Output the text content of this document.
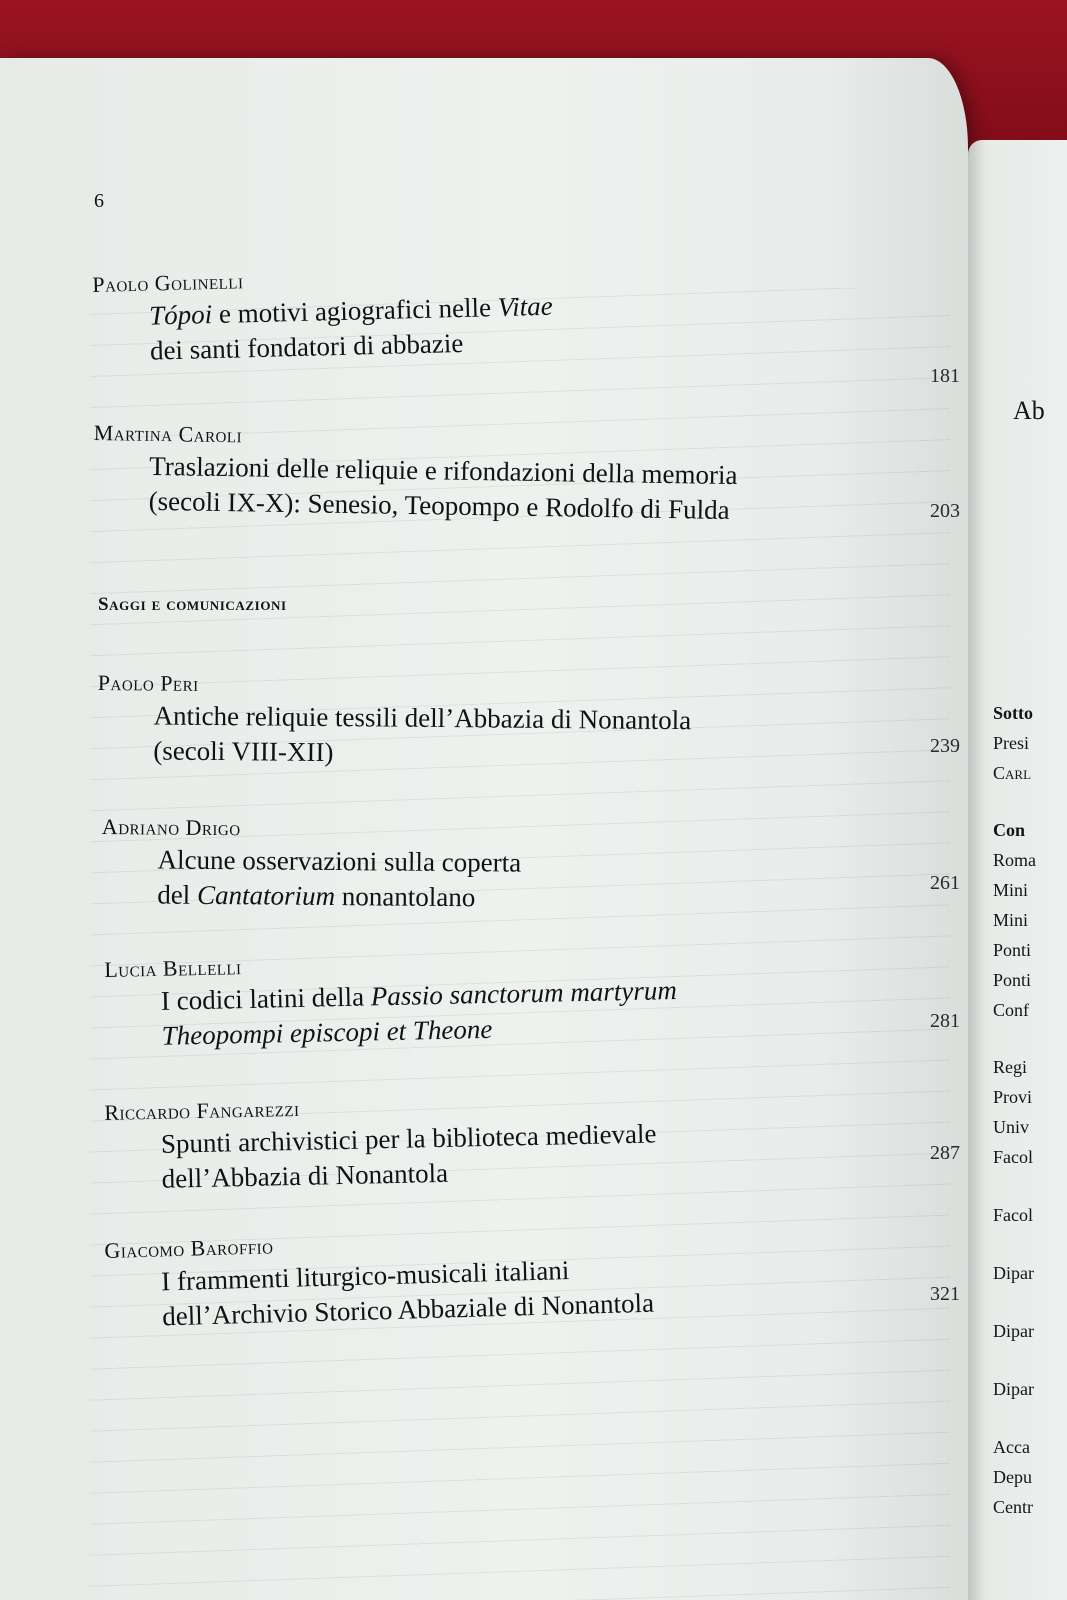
6
Paolo Golinelli
Tópoi e motivi agiografici nelle Vitae
dei santi fondatori di abbazie
181
Martina Caroli
Traslazioni delle reliquie e rifondazioni della memoria
(secoli IX-X): Senesio, Teopompo e Rodolfo di Fulda	203
Saggi e comunicazioni
Paolo Peri
Antiche reliquie tessili dell’Abbazia di Nonantola
(secoli VIII-XII)	239
Adriano Drigo
Alcune osservazioni sulla coperta
del Cantatorium nonantolano	261
Lucia Bellelli
I codici latini della Passio sanctorum martyrum
Theopompi episcopi et Theone	281
Riccardo Fangarezzi
Spunti archivistici per la biblioteca medievale
dell’Abbazia di Nonantola
287
Giacomo Baroffio
I frammenti liturgico-musicali italiani
dell’Archivio Storico Abbaziale di Nonantola	321
Ab
Sotto
Presi
Carl
Con
Roma
Mini
Mini
Ponti
Ponti
Conf
Regi
Provi
Univ
Facol
Facol
Dipar
Dipar
Dipar
Acca
Depu
Centr
